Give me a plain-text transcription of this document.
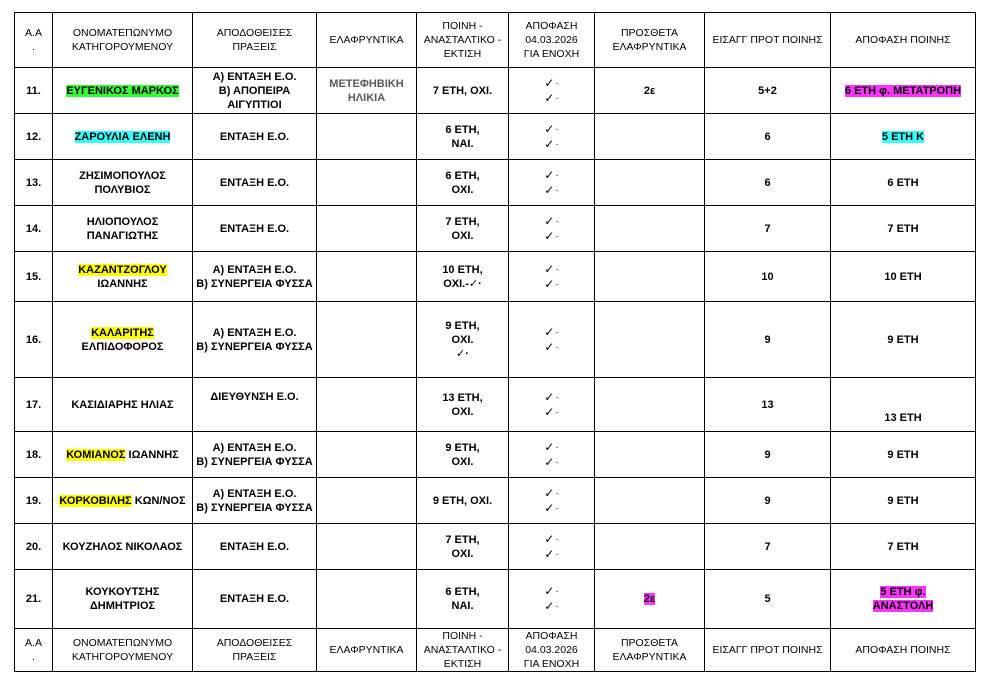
Α.Α
.	ΟΝΟΜΑΤΕΠΩΝΥΜΟ
ΚΑΤΗΓΟΡΟΥΜΕΝΟΥ	ΑΠΟΔΟΘΕΙΣΕΣ
ΠΡΑΞΕΙΣ	ΕΛΑΦΡΥΝΤΙΚΑ	ΠΟΙΝΗ -
ΑΝΑΣΤΑΛΤΙΚΟ -
ΕΚΤΙΣΗ	ΑΠΟΦΑΣΗ
04.03.2026
ΓΙΑ ΕΝΟΧΗ	ΠΡΟΣΘΕΤΑ
ΕΛΑΦΡΥΝΤΙΚΑ	ΕΙΣΑΓΓ ΠΡΟΤ ΠΟΙΝΗΣ	ΑΠΟΦΑΣΗ ΠΟΙΝΗΣ
11.	ΕΥΓΕΝΙΚΟΣ ΜΑΡΚΟΣ	Α) ΕΝΤΑΞΗ Ε.Ο.
Β) ΑΠΟΠΕΙΡΑ
ΑΙΓΥΠΤΙΟΙ	ΜΕΤΕΦΗΒΙΚΗ
ΗΛΙΚΙΑ	7 ΕΤΗ, ΟΧΙ.	✓ ·
✓ ·	2ε	5+2	6 ΕΤΗ φ. ΜΕΤΑΤΡΟΠΗ
12.	ΖΑΡΟΥΛΙΑ ΕΛΕΝΗ	ΕΝΤΑΞΗ Ε.Ο.		6 ΕΤΗ,
ΝΑΙ.	✓ ·
✓ ·		6	5 ΕΤΗ Κ
13.	ΖΗΣΙΜΟΠΟΥΛΟΣ
ΠΟΛΥΒΙΟΣ	ΕΝΤΑΞΗ Ε.Ο.		6 ΕΤΗ,
ΟΧΙ.	✓ ·
✓ ·		6	6 ΕΤΗ
14.	ΗΛΙΟΠΟΥΛΟΣ
ΠΑΝΑΓΙΩΤΗΣ	ΕΝΤΑΞΗ Ε.Ο.		7 ΕΤΗ,
ΟΧΙ.	✓ ·
✓ ·		7	7 ΕΤΗ
15.	ΚΑΖΑΝΤΖΟΓΛΟΥ
ΙΩΑΝΝΗΣ	Α) ΕΝΤΑΞΗ Ε.Ο.
Β) ΣΥΝΕΡΓΕΙΑ ΦΥΣΣΑ		10 ΕΤΗ,
ΟΧΙ.-✓·	✓ ·
✓ ·		10	10 ΕΤΗ
16.	ΚΑΛΑΡΙΤΗΣ
ΕΛΠΙΔΟΦΟΡΟΣ	Α) ΕΝΤΑΞΗ Ε.Ο.
Β) ΣΥΝΕΡΓΕΙΑ ΦΥΣΣΑ		9 ΕΤΗ,
ΟΧΙ.
✓·	✓ ·
✓ ·		9	9 ΕΤΗ
17.	ΚΑΣΙΔΙΑΡΗΣ ΗΛΙΑΣ	ΔΙΕΥΘΥΝΣΗ Ε.Ο.		13 ΕΤΗ,
ΟΧΙ.	✓ ·
✓ ·		13	13 ΕΤΗ
18.	ΚΟΜΙΑΝΟΣ ΙΩΑΝΝΗΣ	Α) ΕΝΤΑΞΗ Ε.Ο.
Β) ΣΥΝΕΡΓΕΙΑ ΦΥΣΣΑ		9 ΕΤΗ,
ΟΧΙ.	✓ ·
✓ ·		9	9 ΕΤΗ
19.	ΚΟΡΚΟΒΙΛΗΣ ΚΩΝ/ΝΟΣ	Α) ΕΝΤΑΞΗ Ε.Ο.
Β) ΣΥΝΕΡΓΕΙΑ ΦΥΣΣΑ		9 ΕΤΗ, ΟΧΙ.	✓ ·
✓ ·		9	9 ΕΤΗ
20.	ΚΟΥΖΗΛΟΣ ΝΙΚΟΛΑΟΣ	ΕΝΤΑΞΗ Ε.Ο.		7 ΕΤΗ,
ΟΧΙ.	✓ ·
✓ ·		7	7 ΕΤΗ
21.	ΚΟΥΚΟΥΤΣΗΣ
ΔΗΜΗΤΡΙΟΣ	ΕΝΤΑΞΗ Ε.Ο.		6 ΕΤΗ,
ΝΑΙ.	✓ ·
✓ ·	2ε	5	5 ΕΤΗ φ.
ΑΝΑΣΤΟΛΗ
Α.Α
.	ΟΝΟΜΑΤΕΠΩΝΥΜΟ
ΚΑΤΗΓΟΡΟΥΜΕΝΟΥ	ΑΠΟΔΟΘΕΙΣΕΣ
ΠΡΑΞΕΙΣ	ΕΛΑΦΡΥΝΤΙΚΑ	ΠΟΙΝΗ -
ΑΝΑΣΤΑΛΤΙΚΟ -
ΕΚΤΙΣΗ	ΑΠΟΦΑΣΗ
04.03.2026
ΓΙΑ ΕΝΟΧΗ	ΠΡΟΣΘΕΤΑ
ΕΛΑΦΡΥΝΤΙΚΑ	ΕΙΣΑΓΓ ΠΡΟΤ ΠΟΙΝΗΣ	ΑΠΟΦΑΣΗ ΠΟΙΝΗΣ
